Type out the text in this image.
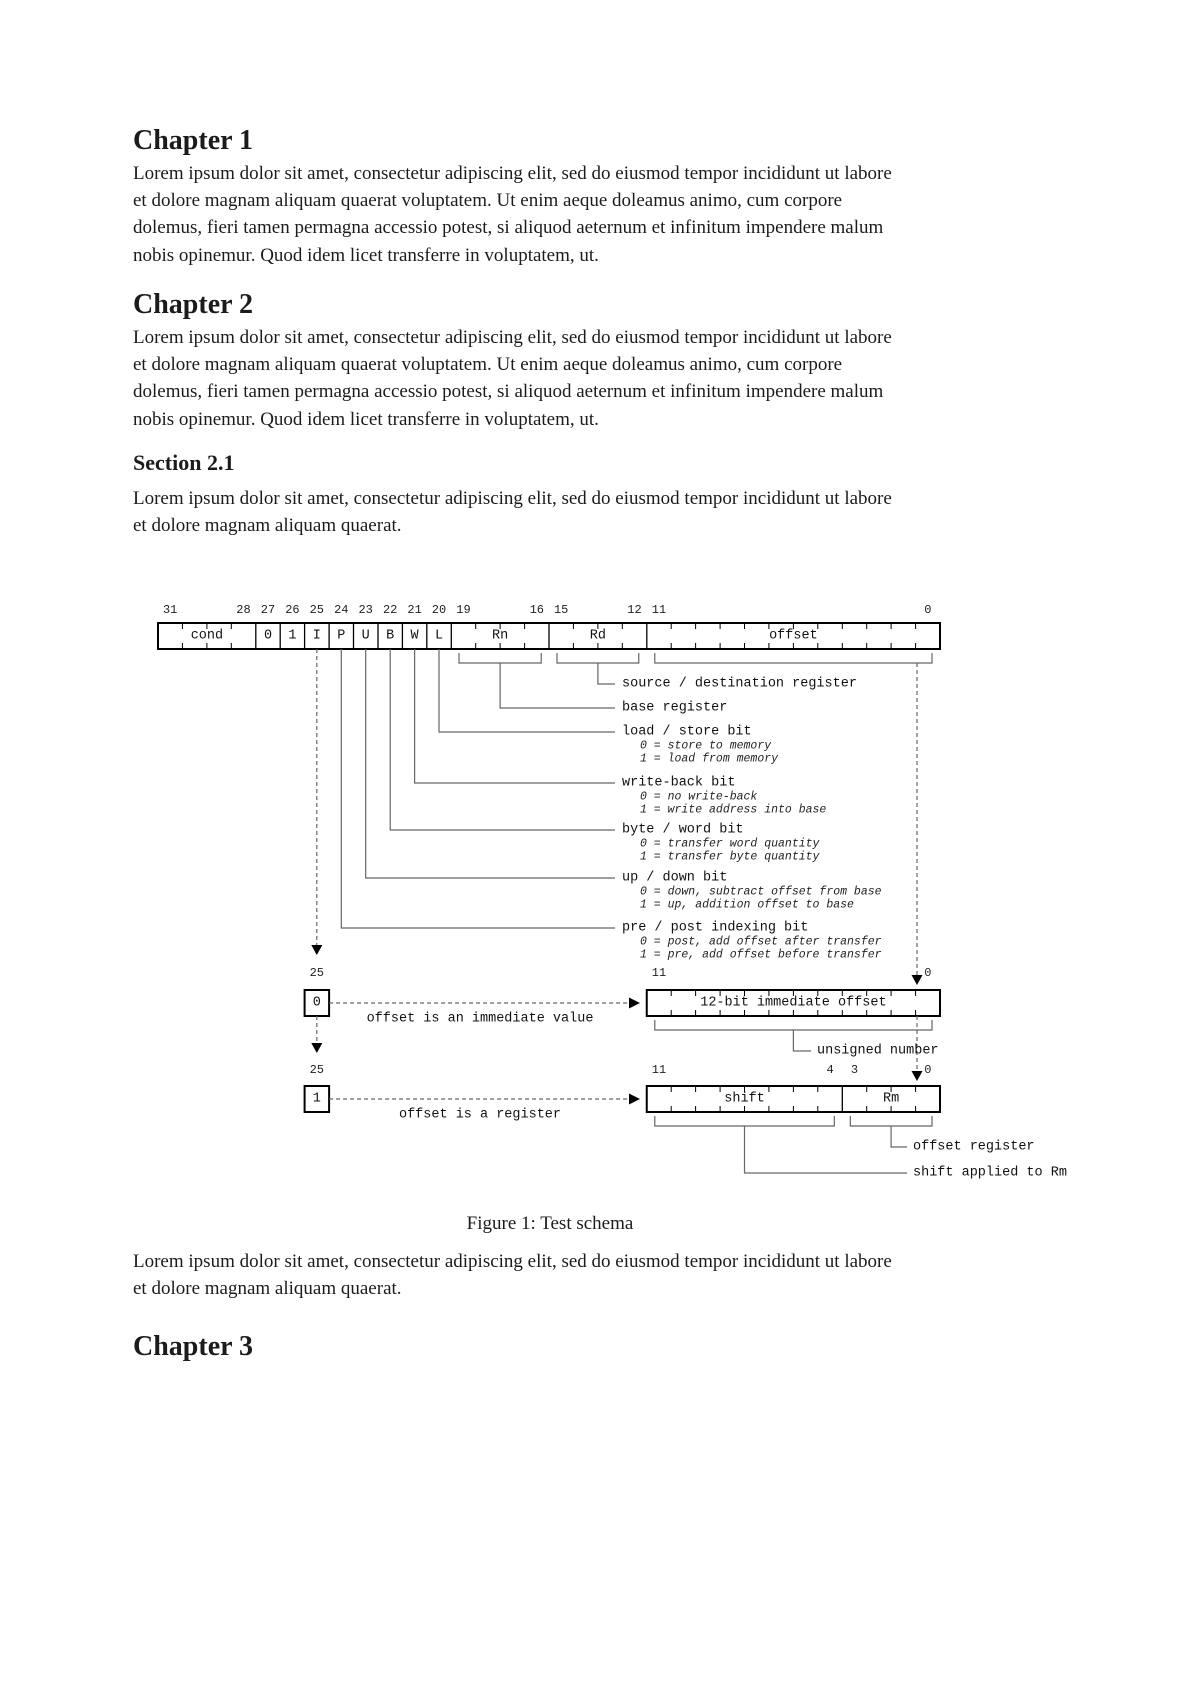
Chapter 1
Lorem ipsum dolor sit amet, consectetur adipiscing elit, sed do eiusmod tempor incididunt ut labore
et dolore magnam aliquam quaerat voluptatem. Ut enim aeque doleamus animo, cum corpore
dolemus, fieri tamen permagna accessio potest, si aliquod aeternum et infinitum impendere malum
nobis opinemur. Quod idem licet transferre in voluptatem, ut.
Chapter 2
Lorem ipsum dolor sit amet, consectetur adipiscing elit, sed do eiusmod tempor incididunt ut labore
et dolore magnam aliquam quaerat voluptatem. Ut enim aeque doleamus animo, cum corpore
dolemus, fieri tamen permagna accessio potest, si aliquod aeternum et infinitum impendere malum
nobis opinemur. Quod idem licet transferre in voluptatem, ut.
Section 2.1
Lorem ipsum dolor sit amet, consectetur adipiscing elit, sed do eiusmod tempor incididunt ut labore
et dolore magnam aliquam quaerat.
31	28 27 26 25 24 23 22 21 20 19	16 15	12 11	0
cond	0 1 I P U B W L	Rn	Rd	offset
source / destination register
base register
load / store bit
0 = store to memory
1 = load from memory
write-back bit
0 = no write-back
1 = write address into base
byte / word bit
0 = transfer word quantity
1 = transfer byte quantity
up / down bit
0 = down, subtract offset from base
1 = up, addition offset to base
pre / post indexing bit
0 = post, add offset after transfer
1 = pre, add offset before transfer
25
0
offset is an immediate value
11	0
12-bit immediate offset
unsigned number
25
1
offset is a register
11	4 3	0
shift	Rm
offset register
shift applied to Rm
Figure 1: Test schema
Lorem ipsum dolor sit amet, consectetur adipiscing elit, sed do eiusmod tempor incididunt ut labore
et dolore magnam aliquam quaerat.
Chapter 3
